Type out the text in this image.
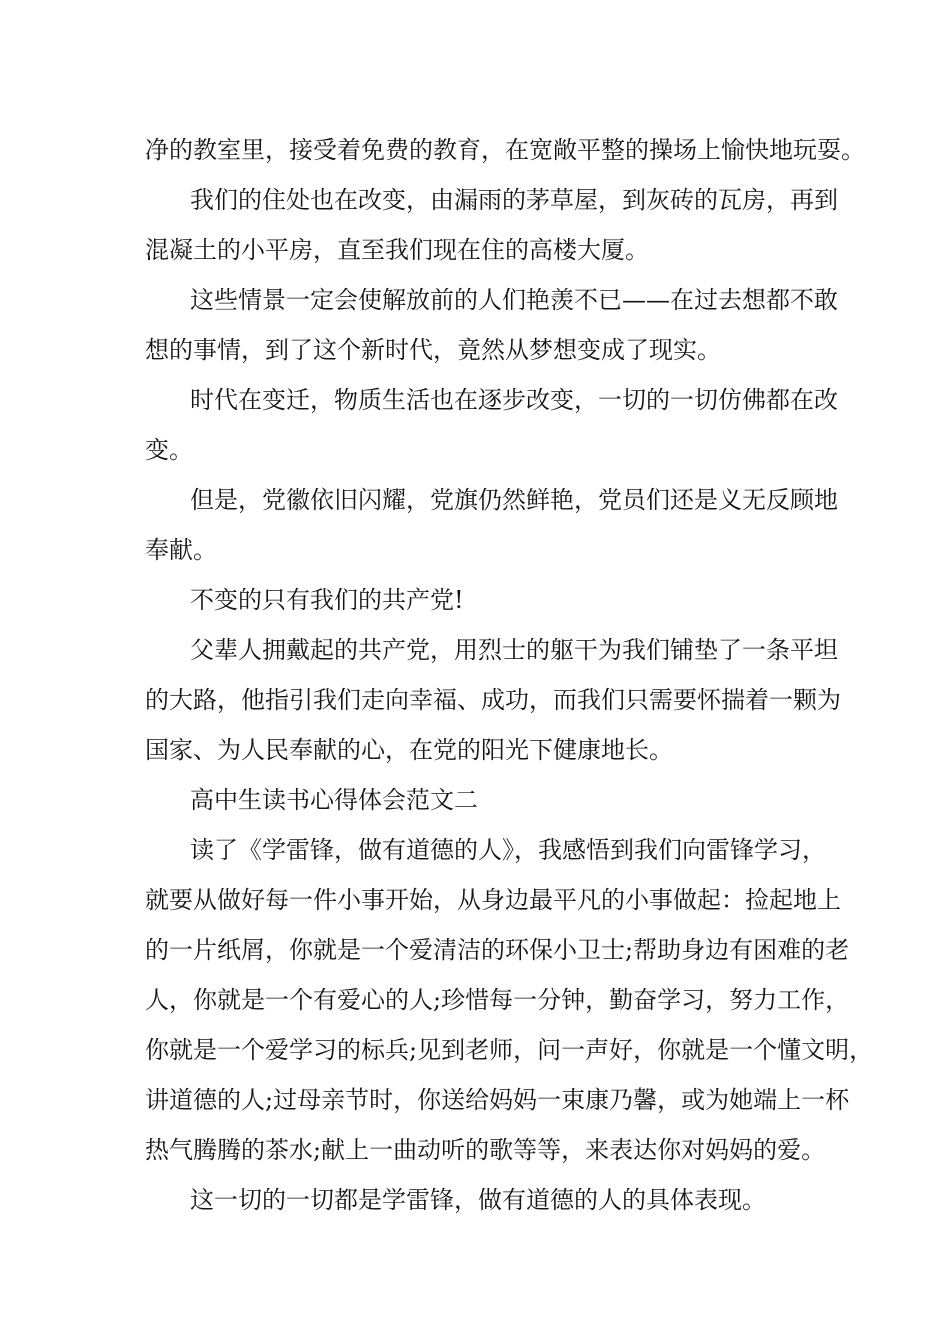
净的教室里，接受着免费的教育，在宽敞平整的操场上愉快地玩耍。
我们的住处也在改变，由漏雨的茅草屋，到灰砖的瓦房，再到
混凝土的小平房，直至我们现在住的高楼大厦。
这些情景一定会使解放前的人们艳羡不已——在过去想都不敢
想的事情，到了这个新时代，竟然从梦想变成了现实。
时代在变迁，物质生活也在逐步改变，一切的一切仿佛都在改
变。
但是，党徽依旧闪耀，党旗仍然鲜艳，党员们还是义无反顾地
奉献。
不变的只有我们的共产党!
父辈人拥戴起的共产党，用烈士的躯干为我们铺垫了一条平坦
的大路，他指引我们走向幸福、成功，而我们只需要怀揣着一颗为
国家、为人民奉献的心，在党的阳光下健康地长。
高中生读书心得体会范文二
读了《学雷锋，做有道德的人》，我感悟到我们向雷锋学习，
就要从做好每一件小事开始，从身边最平凡的小事做起：捡起地上
的一片纸屑，你就是一个爱清洁的环保小卫士;帮助身边有困难的老
人，你就是一个有爱心的人;珍惜每一分钟，勤奋学习，努力工作，
你就是一个爱学习的标兵;见到老师，问一声好，你就是一个懂文明，
讲道德的人;过母亲节时，你送给妈妈一束康乃馨，或为她端上一杯
热气腾腾的茶水;献上一曲动听的歌等等，来表达你对妈妈的爱。
这一切的一切都是学雷锋，做有道德的人的具体表现。
